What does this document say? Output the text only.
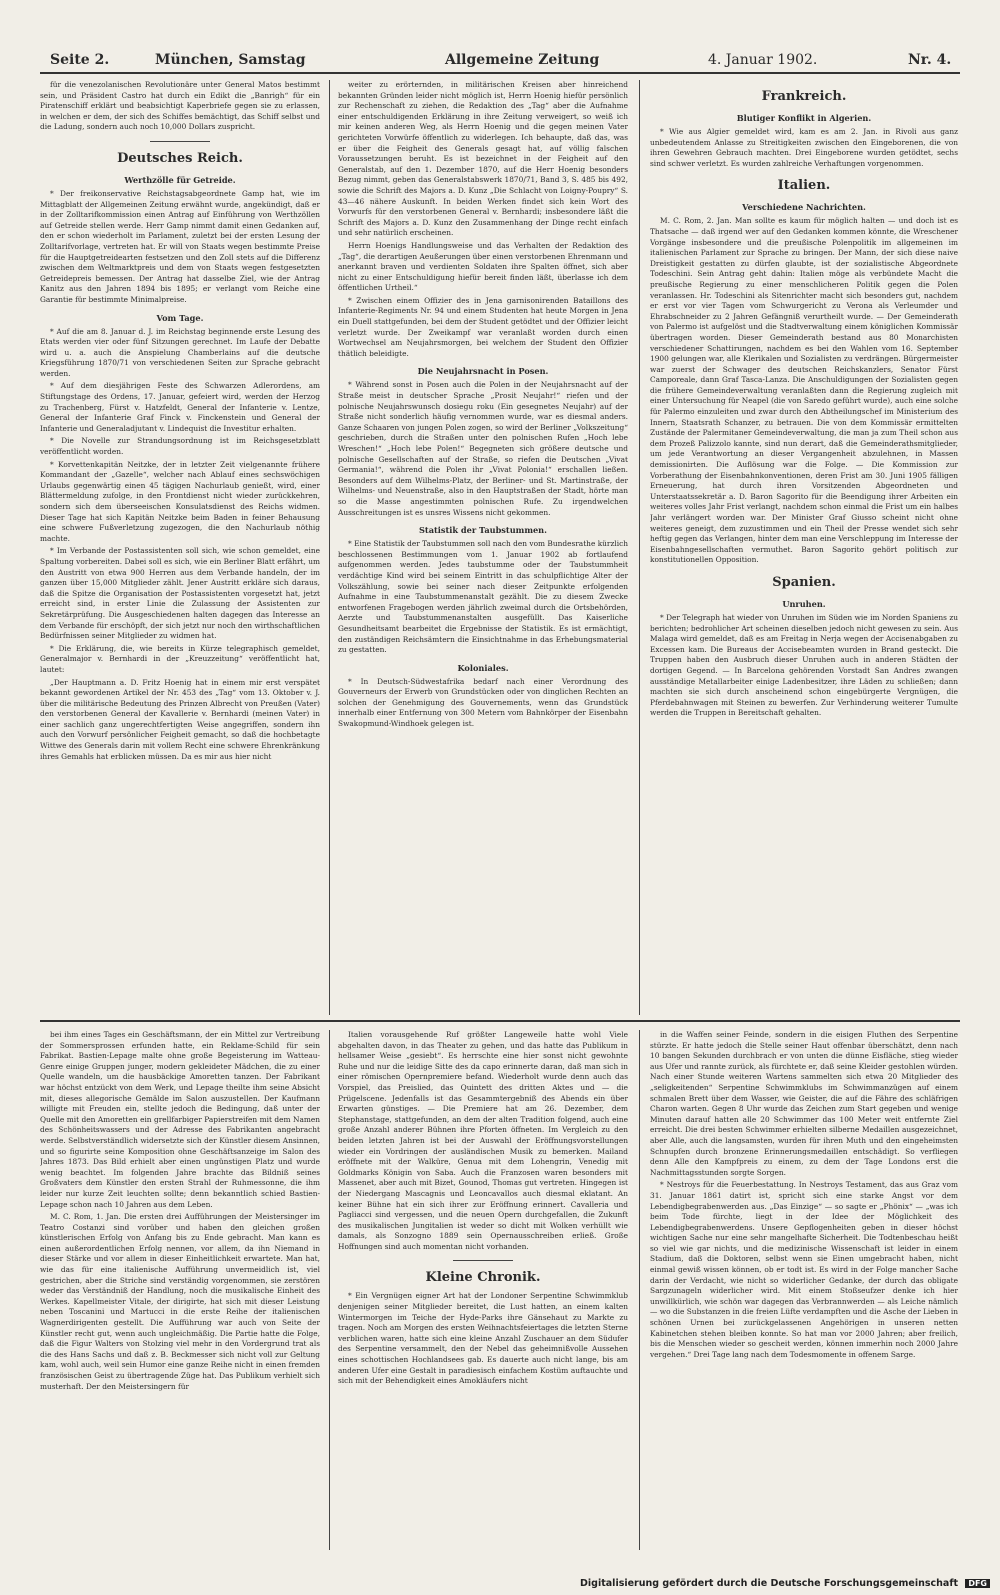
Seite 2.	München, Samstag	Allgemeine Zeitung	4. Januar 1902.	Nr. 4.

für die venezolanischen Revolutionäre unter General Matos bestimmt sein, und Präsident Castro hat durch ein Edikt die „Banrigh“ für ein Piratenschiff erklärt und beabsichtigt Kaperbriefe gegen sie zu erlassen, in welchen er dem, der sich des Schiffes bemächtigt, das Schiff selbst und die Ladung, sondern auch noch 10,000 Dollars zuspricht.

Deutsches Reich.
Werthzölle für Getreide.

* Der freikonservative Reichstagsabgeordnete Gamp hat, wie im Mittagblatt der Allgemeinen Zeitung erwähnt wurde, angekündigt, daß er in der Zolltarifkommission einen Antrag auf Einführung von Werthzöllen auf Getreide stellen werde. Herr Gamp nimmt damit einen Gedanken auf, den er schon wiederholt im Parlament, zuletzt bei der ersten Lesung der Zolltarifvorlage, vertreten hat. Er will von Staats wegen bestimmte Preise für die Hauptgetreidearten festsetzen und den Zoll stets auf die Differenz zwischen dem Weltmarktpreis und dem von Staats wegen festgesetzten Getreidepreis bemessen. Der Antrag hat dasselbe Ziel, wie der Antrag Kanitz aus den Jahren 1894 bis 1895; er verlangt vom Reiche eine Garantie für bestimmte Minimalpreise.

Vom Tage.

* Auf die am 8. Januar d. J. im Reichstag beginnende erste Lesung des Etats werden vier oder fünf Sitzungen gerechnet. Im Laufe der Debatte wird u. a. auch die Anspielung Chamberlains auf die deutsche Kriegsführung 1870/71 von verschiedenen Seiten zur Sprache gebracht werden.

* Auf dem diesjährigen Feste des Schwarzen Adlerordens, am Stiftungstage des Ordens, 17. Januar, gefeiert wird, werden der Herzog zu Trachenberg, Fürst v. Hatzfeldt, General der Infanterie v. Lentze, General der Infanterie Graf Finck v. Finckenstein und General der Infanterie und Generaladjutant v. Lindequist die Investitur erhalten.

* Die Novelle zur Strandungsordnung ist im Reichsgesetzblatt veröffentlicht worden.

* Korvettenkapitän Neitzke, der in letzter Zeit vielgenannte frühere Kommandant der „Gazelle“, welcher nach Ablauf eines sechswöchigen Urlaubs gegenwärtig einen 45 tägigen Nachurlaub genießt, wird, einer Blättermeldung zufolge, in den Frontdienst nicht wieder zurückkehren, sondern sich dem überseeischen Konsulatsdienst des Reichs widmen. Dieser Tage hat sich Kapitän Neitzke beim Baden in feiner Behausung eine schwere Fußverletzung zugezogen, die den Nachurlaub nöthig machte.

* Im Verbande der Postassistenten soll sich, wie schon gemeldet, eine Spaltung vorbereiten. Dabei soll es sich, wie ein Berliner Blatt erfährt, um den Austritt von etwa 900 Herren aus dem Verbande handeln, der im ganzen über 15,000 Mitglieder zählt. Jener Austritt erkläre sich daraus, daß die Spitze die Organisation der Postassistenten vorgesetzt hat, jetzt erreicht sind, in erster Linie die Zulassung der Assistenten zur Sekretärprüfung. Die Ausgeschiedenen halten dagegen das Interesse an dem Verbande für erschöpft, der sich jetzt nur noch den wirthschaftlichen Bedürfnissen seiner Mitglieder zu widmen hat.

* Die Erklärung, die, wie bereits in Kürze telegraphisch gemeldet, Generalmajor v. Bernhardi in der „Kreuzzeitung“ veröffentlicht hat, lautet:

„Der Hauptmann a. D. Fritz Hoenig hat in einem mir erst verspätet bekannt gewordenen Artikel der Nr. 453 des „Tag“ vom 13. Oktober v. J. über die militärische Bedeutung des Prinzen Albrecht von Preußen (Vater) den verstorbenen General der Kavallerie v. Bernhardi (meinen Vater) in einer sachlich ganz ungerechtfertigten Weise angegriffen, sondern ihn auch den Vorwurf persönlicher Feigheit gemacht, so daß die hochbetagte Wittwe des Generals darin mit vollem Recht eine schwere Ehrenkränkung ihres Gemahls hat erblicken müssen. Da es mir aus hier nicht

weiter zu erörternden, in militärischen Kreisen aber hinreichend bekannten Gründen leider nicht möglich ist, Herrn Hoenig hiefür persönlich zur Rechenschaft zu ziehen, die Redaktion des „Tag“ aber die Aufnahme einer entschuldigenden Erklärung in ihre Zeitung verweigert, so weiß ich mir keinen anderen Weg, als Herrn Hoenig und die gegen meinen Vater gerichteten Vorwürfe öffentlich zu widerlegen. Ich behaupte, daß das, was er über die Feigheit des Generals gesagt hat, auf völlig falschen Voraussetzungen beruht. Es ist bezeichnet in der Feigheit auf den Generalstab, auf den 1. Dezember 1870, auf die Herr Hoenig besonders Bezug nimmt, geben das Generalstabswerk 1870/71, Band 3, S. 485 bis 492, sowie die Schrift des Majors a. D. Kunz „Die Schlacht von Loigny-Poupry“ S. 43—46 nähere Auskunft. In beiden Werken findet sich kein Wort des Vorwurfs für den verstorbenen General v. Bernhardi; insbesondere läßt die Schrift des Majors a. D. Kunz den Zusammenhang der Dinge recht einfach und sehr natürlich erscheinen.

Herrn Hoenigs Handlungsweise und das Verhalten der Redaktion des „Tag“, die derartigen Aeußerungen über einen verstorbenen Ehrenmann und anerkannt braven und verdienten Soldaten ihre Spalten öffnet, sich aber nicht zu einer Entschuldigung hiefür bereit finden läßt, überlasse ich dem öffentlichen Urtheil.“

* Zwischen einem Offizier des in Jena garnisonirenden Bataillons des Infanterie-Regiments Nr. 94 und einem Studenten hat heute Morgen in Jena ein Duell stattgefunden, bei dem der Student getödtet und der Offizier leicht verletzt wurde. Der Zweikampf war veranlaßt worden durch einen Wortwechsel am Neujahrsmorgen, bei welchem der Student den Offizier thätlich beleidigte.

Die Neujahrsnacht in Posen.

* Während sonst in Posen auch die Polen in der Neujahrsnacht auf der Straße meist in deutscher Sprache „Prosit Neujahr!“ riefen und der polnische Neujahrswunsch dosiegu roku (Ein gesegnetes Neujahr) auf der Straße nicht sonderlich häufig vernommen wurde, war es diesmal anders. Ganze Schaaren von jungen Polen zogen, so wird der Berliner „Volkszeitung“ geschrieben, durch die Straßen unter den polnischen Rufen „Hoch lebe Wreschen!“ „Hoch lebe Polen!“ Begegneten sich größere deutsche und polnische Gesellschaften auf der Straße, so riefen die Deutschen „Vivat Germania!“, während die Polen ihr „Vivat Polonia!“ erschallen ließen. Besonders auf dem Wilhelms-Platz, der Berliner- und St. Martinstraße, der Wilhelms- und Neuenstraße, also in den Hauptstraßen der Stadt, hörte man so die Masse angestimmten polnischen Rufe. Zu irgendwelchen Ausschreitungen ist es unsres Wissens nicht gekommen.

Statistik der Taubstummen.

* Eine Statistik der Taubstummen soll nach den vom Bundesrathe kürzlich beschlossenen Bestimmungen vom 1. Januar 1902 ab fortlaufend aufgenommen werden. Jedes taubstumme oder der Taubstummheit verdächtige Kind wird bei seinem Eintritt in das schulpflichtige Alter der Volkszählung, sowie bei seiner nach dieser Zeitpunkte erfolgenden Aufnahme in eine Taubstummenanstalt gezählt. Die zu diesem Zwecke entworfenen Fragebogen werden jährlich zweimal durch die Ortsbehörden, Aerzte und Taubstummenanstalten ausgefüllt. Das Kaiserliche Gesundheitsamt bearbeitet die Ergebnisse der Statistik. Es ist ermächtigt, den zuständigen Reichsämtern die Einsichtnahme in das Erhebungsmaterial zu gestatten.

Koloniales.

* In Deutsch-Südwestafrika bedarf nach einer Verordnung des Gouverneurs der Erwerb von Grundstücken oder von dinglichen Rechten an solchen der Genehmigung des Gouvernements, wenn das Grundstück innerhalb einer Entfernung von 300 Metern vom Bahnkörper der Eisenbahn Swakopmund-Windhoek gelegen ist.

Frankreich.
Blutiger Konflikt in Algerien.

* Wie aus Algier gemeldet wird, kam es am 2. Jan. in Rivoli aus ganz unbedeutendem Anlasse zu Streitigkeiten zwischen den Eingeborenen, die von ihren Gewehren Gebrauch machten. Drei Eingeborene wurden getödtet, sechs sind schwer verletzt. Es wurden zahlreiche Verhaftungen vorgenommen.

Italien.
Verschiedene Nachrichten.

M. C. Rom, 2. Jan. Man sollte es kaum für möglich halten — und doch ist es Thatsache — daß irgend wer auf den Gedanken kommen könnte, die Wreschener Vorgänge insbesondere und die preußische Polenpolitik im allgemeinen im italienischen Parlament zur Sprache zu bringen. Der Mann, der sich diese naive Dreistigkeit gestatten zu dürfen glaubte, ist der sozialistische Abgeordnete Todeschini. Sein Antrag geht dahin: Italien möge als verbündete Macht die preußische Regierung zu einer menschlicheren Politik gegen die Polen veranlassen. Hr. Todeschini als Sitenrichter macht sich besonders gut, nachdem er erst vor vier Tagen vom Schwurgericht zu Verona als Verleumder und Ehrabschneider zu 2 Jahren Gefängniß verurtheilt wurde. — Der Gemeinderath von Palermo ist aufgelöst und die Stadtverwaltung einem königlichen Kommissär übertragen worden. Dieser Gemeinderath bestand aus 80 Monarchisten verschiedener Schattirungen, nachdem es bei den Wahlen vom 16. September 1900 gelungen war, alle Klerikalen und Sozialisten zu verdrängen. Bürgermeister war zuerst der Schwager des deutschen Reichskanzlers, Senator Fürst Camporeale, dann Graf Tasca-Lanza. Die Anschuldigungen der Sozialisten gegen die frühere Gemeindeverwaltung veranlaßten dann die Regierung zugleich mit einer Untersuchung für Neapel (die von Saredo geführt wurde), auch eine solche für Palermo einzuleiten und zwar durch den Abtheilungschef im Ministerium des Innern, Staatsrath Schanzer, zu betrauen. Die von dem Kommissär ermittelten Zustände der Palermitaner Gemeindeverwaltung, die man ja zum Theil schon aus dem Prozeß Palizzolo kannte, sind nun derart, daß die Gemeinderathsmitglieder, um jede Verantwortung an dieser Vergangenheit abzulehnen, in Massen demissionirten. Die Auflösung war die Folge. — Die Kommission zur Vorberathung der Eisenbahnkonventionen, deren Frist am 30. Juni 1905 fälligen Erneuerung, hat durch ihren Vorsitzenden Abgeordneten und Unterstaatssekretär a. D. Baron Sagorito für die Beendigung ihrer Arbeiten ein weiteres volles Jahr Frist verlangt, nachdem schon einmal die Frist um ein halbes Jahr verlängert worden war. Der Minister Graf Giusso scheint nicht ohne weiteres geneigt, dem zuzustimmen und ein Theil der Presse wendet sich sehr heftig gegen das Verlangen, hinter dem man eine Verschleppung im Interesse der Eisenbahngesellschaften vermuthet. Baron Sagorito gehört politisch zur konstitutionellen Opposition.

Spanien.
Unruhen.

* Der Telegraph hat wieder von Unruhen im Süden wie im Norden Spaniens zu berichten; bedrohlicher Art scheinen dieselben jedoch nicht gewesen zu sein. Aus Malaga wird gemeldet, daß es am Freitag in Nerja wegen der Accisenabgaben zu Excessen kam. Die Bureaus der Accisebeamten wurden in Brand gesteckt. Die Truppen haben den Ausbruch dieser Unruhen auch in anderen Städten der dortigen Gegend. — In Barcelona gehörenden Vorstadt San Andres zwangen ausständige Metallarbeiter einige Ladenbesitzer, ihre Läden zu schließen; dann machten sie sich durch anscheinend schon eingebürgerte Vergnügen, die Pferdebahnwagen mit Steinen zu bewerfen. Zur Verhinderung weiterer Tumulte werden die Truppen in Bereitschaft gehalten.

bei ihm eines Tages ein Geschäftsmann, der ein Mittel zur Vertreibung der Sommersprossen erfunden hatte, ein Reklame-Schild für sein Fabrikat. Bastien-Lepage malte ohne große Begeisterung im Watteau-Genre einige Gruppen junger, modern gekleideter Mädchen, die zu einer Quelle wandeln, um die hausbäckige Amoretten tanzen. Der Fabrikant war höchst entzückt von dem Werk, und Lepage theilte ihm seine Absicht mit, dieses allegorische Gemälde im Salon auszustellen. Der Kaufmann willigte mit Freuden ein, stellte jedoch die Bedingung, daß unter der Quelle mit den Amoretten ein grellfarbiger Papierstreifen mit dem Namen des Schönheitswassers und der Adresse des Fabrikanten angebracht werde. Selbstverständlich widersetzte sich der Künstler diesem Ansinnen, und so figurirte seine Komposition ohne Geschäftsanzeige im Salon des Jahres 1873. Das Bild erhielt aber einen ungünstigen Platz und wurde wenig beachtet. Im folgenden Jahre brachte das Bildniß seines Großvaters dem Künstler den ersten Strahl der Ruhmessonne, die ihm leider nur kurze Zeit leuchten sollte; denn bekanntlich schied Bastien-Lepage schon nach 10 Jahren aus dem Leben.

M. C. Rom, 1. Jan. Die ersten drei Aufführungen der Meistersinger im Teatro Costanzi sind vorüber und haben den gleichen großen künstlerischen Erfolg von Anfang bis zu Ende gebracht. Man kann es einen außerordentlichen Erfolg nennen, vor allem, da ihn Niemand in dieser Stärke und vor allem in dieser Einheitlichkeit erwartete. Man hat, wie das für eine italienische Aufführung unvermeidlich ist, viel gestrichen, aber die Striche sind verständig vorgenommen, sie zerstören weder das Verständniß der Handlung, noch die musikalische Einheit des Werkes. Kapellmeister Vitale, der dirigirte, hat sich mit dieser Leistung neben Toscanini und Martucci in die erste Reihe der italienischen Wagnerdirigenten gestellt. Die Aufführung war auch von Seite der Künstler recht gut, wenn auch ungleichmäßig. Die Partie hatte die Folge, daß die Figur Walters von Stolzing viel mehr in den Vordergrund trat als die des Hans Sachs und daß z. B. Beckmesser sich nicht voll zur Geltung kam, wohl auch, weil sein Humor eine ganze Reihe nicht in einen fremden französischen Geist zu übertragende Züge hat. Das Publikum verhielt sich musterhaft. Der den Meistersingern für

Italien vorausgehende Ruf größter Langeweile hatte wohl Viele abgehalten davon, in das Theater zu gehen, und das hatte das Publikum in hellsamer Weise „gesiebt“. Es herrschte eine hier sonst nicht gewohnte Ruhe und nur die leidige Sitte des da capo erinnerte daran, daß man sich in einer römischen Opernpremiere befand. Wiederholt wurde denn auch das Vorspiel, das Preislied, das Quintett des dritten Aktes und — die Prügelscene. Jedenfalls ist das Gesammtergebniß des Abends ein über Erwarten günstiges. — Die Premiere hat am 26. Dezember, dem Stephanstage, stattgefunden, an dem der alten Tradition folgend, auch eine große Anzahl anderer Bühnen ihre Pforten öffneten. Im Vergleich zu den beiden letzten Jahren ist bei der Auswahl der Eröffnungsvorstellungen wieder ein Vordringen der ausländischen Musik zu bemerken. Mailand eröffnete mit der Walküre, Genua mit dem Lohengrin, Venedig mit Goldmarks Königin von Saba. Auch die Franzosen waren besonders mit Massenet, aber auch mit Bizet, Gounod, Thomas gut vertreten. Hingegen ist der Niedergang Mascagnis und Leoncavallos auch diesmal eklatant. An keiner Bühne hat ein sich ihrer zur Eröffnung erinnert. Cavalleria und Pagliacci sind vergessen, und die neuen Opern durchgefallen, die Zukunft des musikalischen Jungitalien ist weder so dicht mit Wolken verhüllt wie damals, als Sonzogno 1889 sein Opernausschreiben erließ. Große Hoffnungen sind auch momentan nicht vorhanden.

Kleine Chronik.

* Ein Vergnügen eigner Art hat der Londoner Serpentine Schwimmklub denjenigen seiner Mitglieder bereitet, die Lust hatten, an einem kalten Wintermorgen im Teiche der Hyde-Parks ihre Gänsehaut zu Markte zu tragen. Noch am Morgen des ersten Weihnachtsfeiertages die letzten Sterne verblichen waren, hatte sich eine kleine Anzahl Zuschauer an dem Südufer des Serpentine versammelt, den der Nebel das geheimnißvolle Aussehen eines schottischen Hochlandsees gab. Es dauerte auch nicht lange, bis am anderen Ufer eine Gestalt in paradiesisch einfachem Kostüm auftauchte und sich mit der Behendigkeit eines Amokläufers nicht

in die Waffen seiner Feinde, sondern in die eisigen Fluthen des Serpentine stürzte. Er hatte jedoch die Stelle seiner Haut offenbar überschätzt, denn nach 10 bangen Sekunden durchbrach er von unten die dünne Eisfläche, stieg wieder aus Ufer und rannte zurück, als fürchtete er, daß seine Kleider gestohlen würden. Nach einer Stunde weiteren Wartens sammelten sich etwa 20 Mitglieder des „seligkeitenden“ Serpentine Schwimmklubs im Schwimmanzügen auf einem schmalen Brett über dem Wasser, wie Geister, die auf die Fähre des schläfrigen Charon warten. Gegen 8 Uhr wurde das Zeichen zum Start gegeben und wenige Minuten darauf hatten alle 20 Schwimmer das 100 Meter weit entfernte Ziel erreicht. Die drei besten Schwimmer erhielten silberne Medaillen ausgezeichnet, aber Alle, auch die langsamsten, wurden für ihren Muth und den eingeheimsten Schnupfen durch bronzene Erinnerungsmedaillen entschädigt. So verfliegen denn Alle den Kampfpreis zu einem, zu dem der Tage Londons erst die Nachmittagsstunden sorgte Sorgen.

* Nestroys für die Feuerbestattung. In Nestroys Testament, das aus Graz vom 31. Januar 1861 datirt ist, spricht sich eine starke Angst vor dem Lebendigbegrabenwerden aus. „Das Einzige“ — so sagte er „Phönix“ — „was ich beim Tode fürchte, liegt in der Idee der Möglichkeit des Lebendigbegrabenwerdens. Unsere Gepflogenheiten geben in dieser höchst wichtigen Sache nur eine sehr mangelhafte Sicherheit. Die Todtenbeschau heißt so viel wie gar nichts, und die medizinische Wissenschaft ist leider in einem Stadium, daß die Doktoren, selbst wenn sie Einen umgebracht haben, nicht einmal gewiß wissen können, ob er todt ist. Es wird in der Folge mancher Sache darin der Verdacht, wie nicht so widerlicher Gedanke, der durch das obligate Sargzunageln widerlicher wird. Mit einem Stoßseufzer denke ich hier unwillkürlich, wie schön war dagegen das Verbrannwerden — als Leiche nämlich — wo die Substanzen in die freien Lüfte verdampften und die Asche der Lieben in schönen Urnen bei zurückgelassenen Angehörigen in unseren netten Kabinetchen stehen bleiben konnte. So hat man vor 2000 Jahren; aber freilich, bis die Menschen wieder so gescheit werden, können immerhin noch 2000 Jahre vergehen.“ Drei Tage lang nach dem Todesmomente in offenem Sarge.

Digitalisierung gefördert durch die Deutsche Forschungsgemeinschaft DFG
